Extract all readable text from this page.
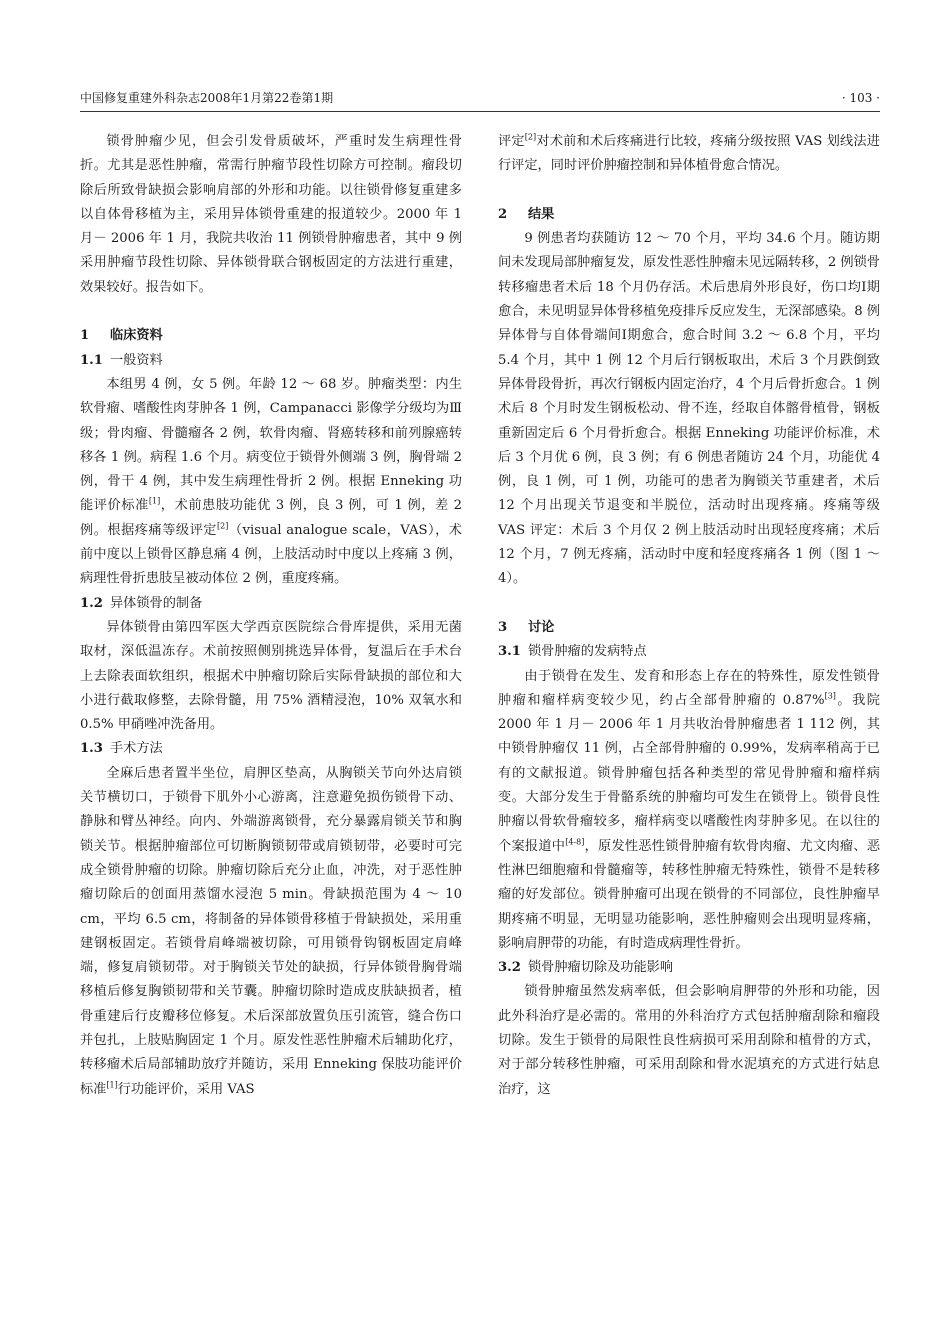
中国修复重建外科杂志2008年1月第22卷第1期	· 103 ·

锁骨肿瘤少见，但会引发骨质破坏，严重时发生病理性骨折。尤其是恶性肿瘤，常需行肿瘤节段性切除方可控制。瘤段切除后所致骨缺损会影响肩部的外形和功能。以往锁骨修复重建多以自体骨移植为主，采用异体锁骨重建的报道较少。2000 年 1 月－ 2006 年 1 月，我院共收治 11 例锁骨肿瘤患者，其中 9 例采用肿瘤节段性切除、异体锁骨联合钢板固定的方法进行重建，效果较好。报告如下。

1 临床资料
1.1 一般资料

本组男 4 例，女 5 例。年龄 12 ～ 68 岁。肿瘤类型：内生软骨瘤、嗜酸性肉芽肿各 1 例，Campanacci 影像学分级均为Ⅲ级；骨肉瘤、骨髓瘤各 2 例，软骨肉瘤、肾癌转移和前列腺癌转移各 1 例。病程 1.6 个月。病变位于锁骨外侧端 3 例，胸骨端 2 例，骨干 4 例，其中发生病理性骨折 2 例。根据 Enneking 功能评价标准[1]，术前患肢功能优 3 例，良 3 例，可 1 例，差 2 例。根据疼痛等级评定[2]（visual analogue scale，VAS），术前中度以上锁骨区静息痛 4 例，上肢活动时中度以上疼痛 3 例，病理性骨折患肢呈被动体位 2 例，重度疼痛。

1.2 异体锁骨的制备

异体锁骨由第四军医大学西京医院综合骨库提供，采用无菌取材，深低温冻存。术前按照侧别挑选异体骨，复温后在手术台上去除表面软组织，根据术中肿瘤切除后实际骨缺损的部位和大小进行截取修整，去除骨髓，用 75% 酒精浸泡，10% 双氧水和 0.5% 甲硝唑冲洗备用。

1.3 手术方法

全麻后患者置半坐位，肩胛区垫高，从胸锁关节向外达肩锁关节横切口，于锁骨下肌外小心游离，注意避免损伤锁骨下动、静脉和臂丛神经。向内、外端游离锁骨，充分暴露肩锁关节和胸锁关节。根据肿瘤部位可切断胸锁韧带或肩锁韧带，必要时可完成全锁骨肿瘤的切除。肿瘤切除后充分止血，冲洗，对于恶性肿瘤切除后的创面用蒸馏水浸泡 5 min。骨缺损范围为 4 ～ 10 cm，平均 6.5 cm，将制备的异体锁骨移植于骨缺损处，采用重建钢板固定。若锁骨肩峰端被切除，可用锁骨钩钢板固定肩峰端，修复肩锁韧带。对于胸锁关节处的缺损，行异体锁骨胸骨端移植后修复胸锁韧带和关节囊。肿瘤切除时造成皮肤缺损者，植骨重建后行皮瓣移位修复。术后深部放置负压引流管，缝合伤口并包扎，上肢贴胸固定 1 个月。原发性恶性肿瘤术后辅助化疗，转移瘤术后局部辅助放疗并随访，采用 Enneking 保肢功能评价标准[1]行功能评价，采用 VAS

评定[2]对术前和术后疼痛进行比较，疼痛分级按照 VAS 划线法进行评定，同时评价肿瘤控制和异体植骨愈合情况。

2 结果

9 例患者均获随访 12 ～ 70 个月，平均 34.6 个月。随访期间未发现局部肿瘤复发，原发性恶性肿瘤未见远隔转移，2 例锁骨转移瘤患者术后 18 个月仍存活。术后患肩外形良好，伤口均Ⅰ期愈合，未见明显异体骨移植免疫排斥反应发生，无深部感染。8 例异体骨与自体骨端间Ⅰ期愈合，愈合时间 3.2 ～ 6.8 个月，平均 5.4 个月，其中 1 例 12 个月后行钢板取出，术后 3 个月跌倒致异体骨段骨折，再次行钢板内固定治疗，4 个月后骨折愈合。1 例术后 8 个月时发生钢板松动、骨不连，经取自体髂骨植骨，钢板重新固定后 6 个月骨折愈合。根据 Enneking 功能评价标准，术后 3 个月优 6 例，良 3 例；有 6 例患者随访 24 个月，功能优 4 例，良 1 例，可 1 例，功能可的患者为胸锁关节重建者，术后 12 个月出现关节退变和半脱位，活动时出现疼痛。疼痛等级 VAS 评定：术后 3 个月仅 2 例上肢活动时出现轻度疼痛；术后 12 个月，7 例无疼痛，活动时中度和轻度疼痛各 1 例（图 1 ～ 4）。

3 讨论
3.1 锁骨肿瘤的发病特点

由于锁骨在发生、发育和形态上存在的特殊性，原发性锁骨肿瘤和瘤样病变较少见，约占全部骨肿瘤的 0.87%[3]。我院 2000 年 1 月－ 2006 年 1 月共收治骨肿瘤患者 1 112 例，其中锁骨肿瘤仅 11 例，占全部骨肿瘤的 0.99%，发病率稍高于已有的文献报道。锁骨肿瘤包括各种类型的常见骨肿瘤和瘤样病变。大部分发生于骨骼系统的肿瘤均可发生在锁骨上。锁骨良性肿瘤以骨软骨瘤较多，瘤样病变以嗜酸性肉芽肿多见。在以往的个案报道中[4-8]，原发性恶性锁骨肿瘤有软骨肉瘤、尤文肉瘤、恶性淋巴细胞瘤和骨髓瘤等，转移性肿瘤无特殊性，锁骨不是转移瘤的好发部位。锁骨肿瘤可出现在锁骨的不同部位，良性肿瘤早期疼痛不明显，无明显功能影响，恶性肿瘤则会出现明显疼痛，影响肩胛带的功能，有时造成病理性骨折。

3.2 锁骨肿瘤切除及功能影响

锁骨肿瘤虽然发病率低，但会影响肩胛带的外形和功能，因此外科治疗是必需的。常用的外科治疗方式包括肿瘤刮除和瘤段切除。发生于锁骨的局限性良性病损可采用刮除和植骨的方式，对于部分转移性肿瘤，可采用刮除和骨水泥填充的方式进行姑息治疗，这
